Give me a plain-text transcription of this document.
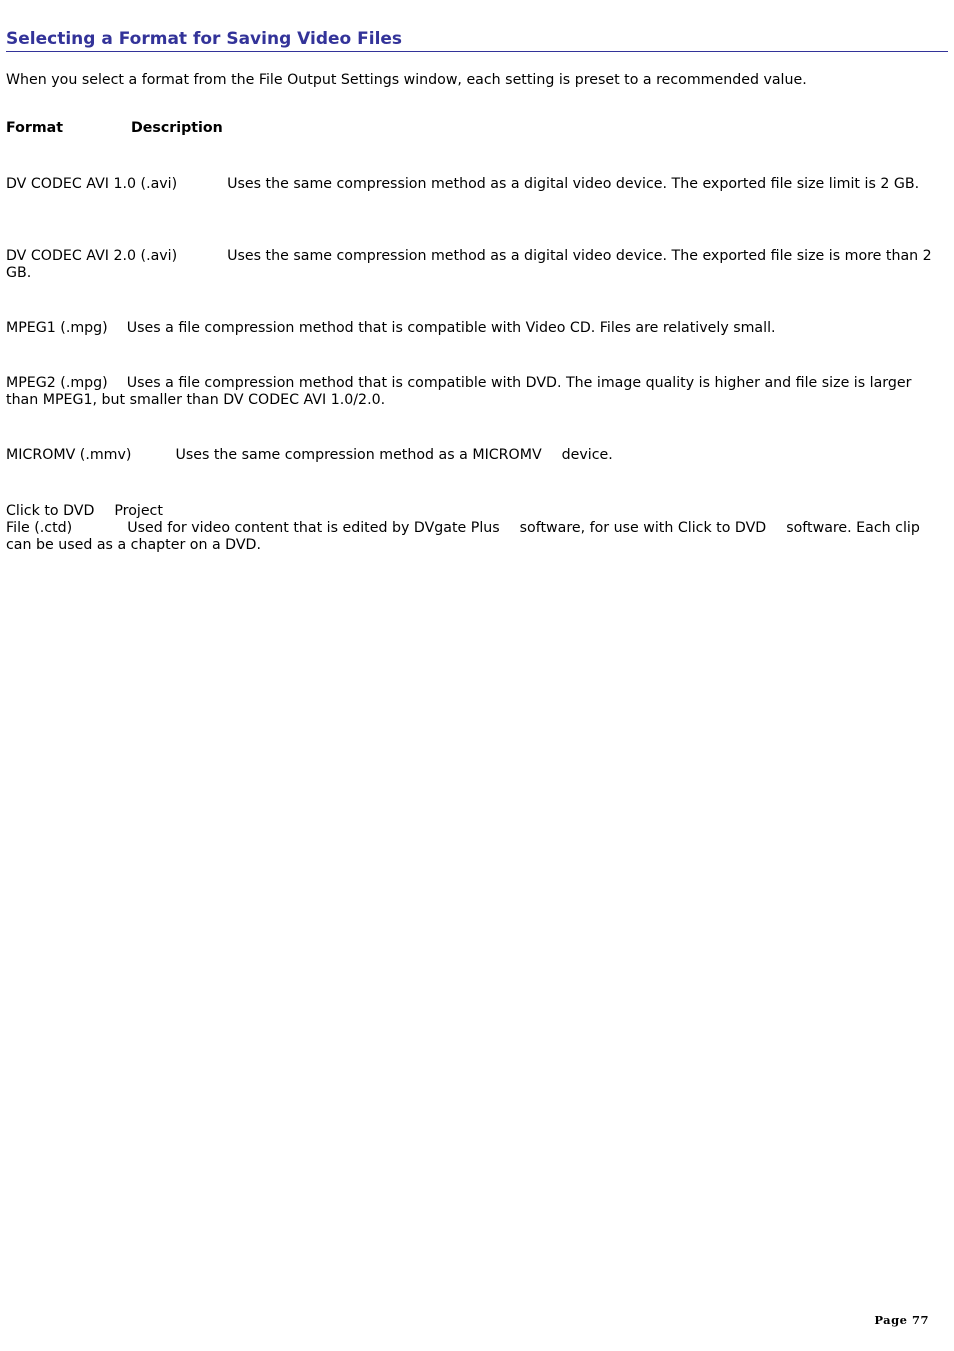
Selecting a Format for Saving Video Files

When you select a format from the File Output Settings window, each setting is preset to a recommended value.

Format	Description

DV CODEC AVI 1.0 (.avi)	Uses the same compression method as a digital video device. The exported file size limit is 2 GB.

DV CODEC AVI 2.0 (.avi)	Uses the same compression method as a digital video device. The exported file size is more than 2 GB.

MPEG1 (.mpg) Uses a file compression method that is compatible with Video CD. Files are relatively small.

MPEG2 (.mpg) Uses a file compression method that is compatible with DVD. The image quality is higher and file size is larger than MPEG1, but smaller than DV CODEC AVI 1.0/2.0.

MICROMV (.mmv)	Uses the same compression method as a MICROMV device.

Click to DVD Project
File (.ctd)	Used for video content that is edited by DVgate Plus software, for use with Click to DVD software. Each clip can be used as a chapter on a DVD.
Page 77
